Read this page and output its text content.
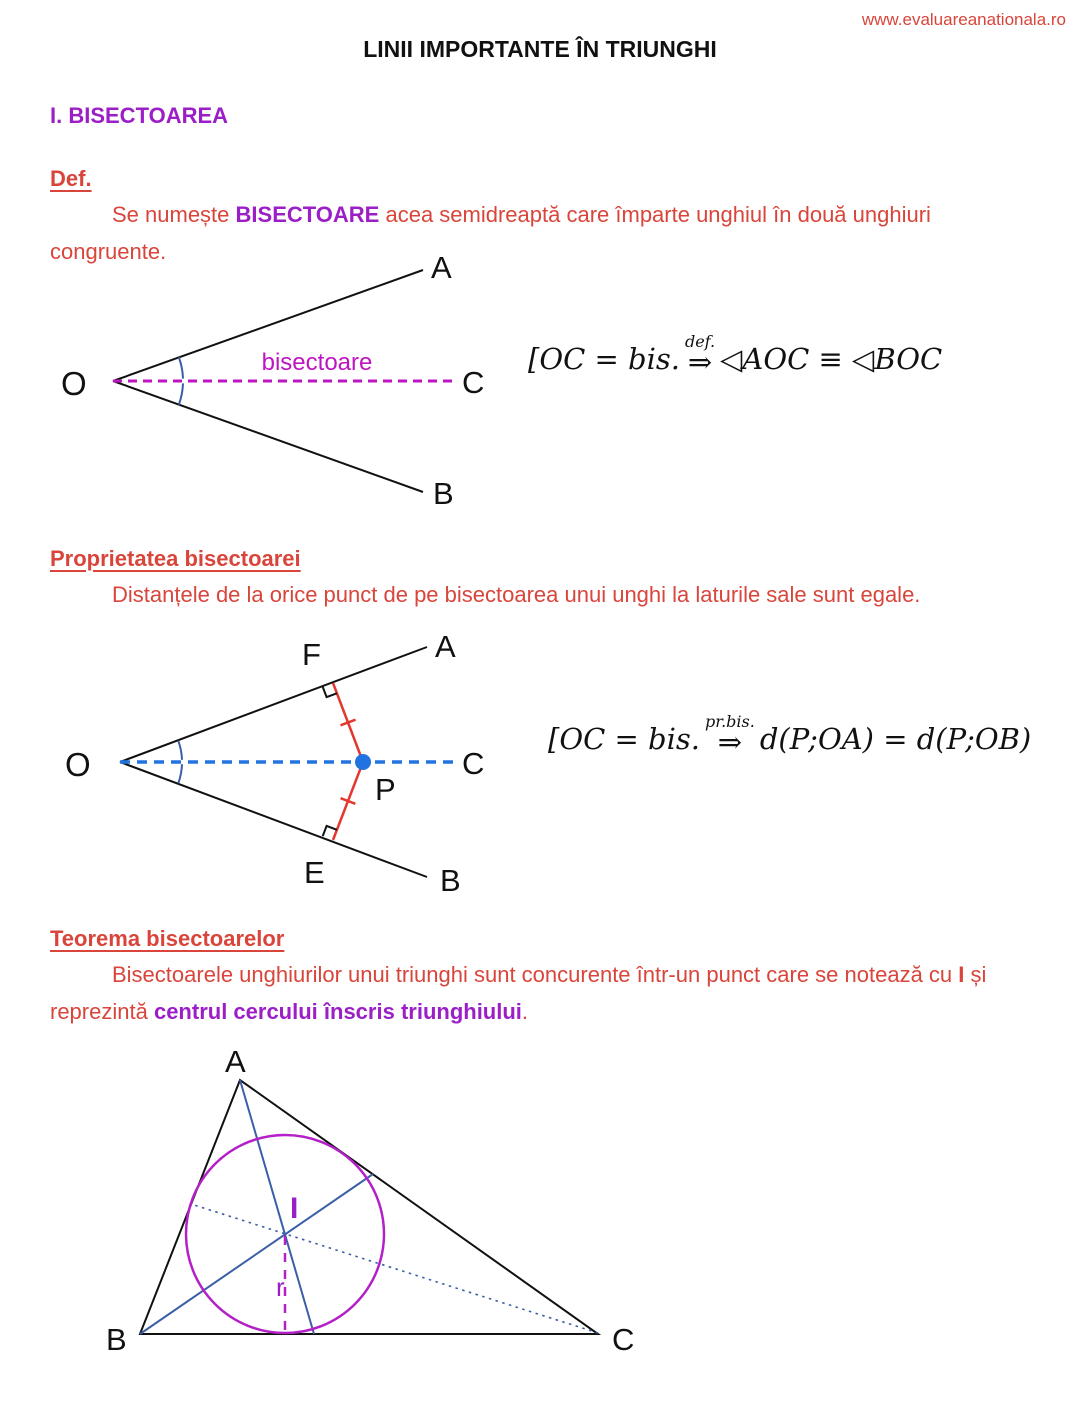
www.evaluareanationala.ro
LINII IMPORTANTE ÎN TRIUNGHI
I. BISECTOAREA
Def.

Se numește BISECTOARE acea semidreaptă care împarte unghiul în două unghiuri congruente.

O
A
B
C
bisectoare	[OC = bis.
def.
⇒ ◁AOC ≡ ◁BOC
Proprietatea bisectoarei

Distanțele de la orice punct de pe bisectoarea unui unghi la laturile sale sunt egale.

O
A
B
C
P
F
E
[OC = bis.
pr.bis.
⇒ d(P;OA) = d(P;OB)
Teorema bisectoarelor

Bisectoarele unghiurilor unui triunghi sunt concurente într-un punct care se notează cu I și reprezintă centrul cercului înscris triunghiului.

A
B	C
I
r
